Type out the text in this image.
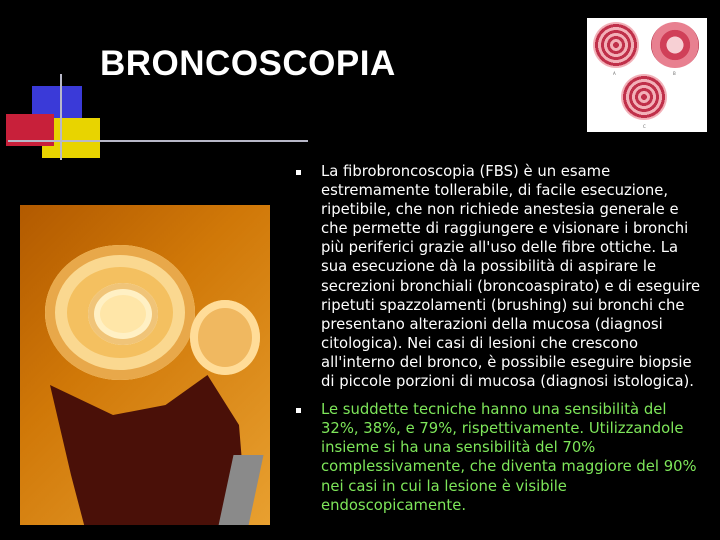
BRONCOSCOPIA	A	B
C

La fibrobroncoscopia (FBS) è un esame
estremamente tollerabile, di facile esecuzione,
ripetibile, che non richiede anestesia generale e
che permette di raggiungere e visionare i bronchi
più periferici grazie all'uso delle fibre ottiche. La
sua esecuzione dà la possibilità di aspirare le
secrezioni bronchiali (broncoaspirato) e di eseguire
ripetuti spazzolamenti (brushing) sui bronchi che
presentano alterazioni della mucosa (diagnosi
citologica). Nei casi di lesioni che crescono
all'interno del bronco, è possibile eseguire biopsie
di piccole porzioni di mucosa (diagnosi istologica).

Le suddette tecniche hanno una sensibilità del
32%, 38%, e 79%, rispettivamente. Utilizzandole
insieme si ha una sensibilità del 70%
complessivamente, che diventa maggiore del 90%
nei casi in cui la lesione è visibile
endoscopicamente.
